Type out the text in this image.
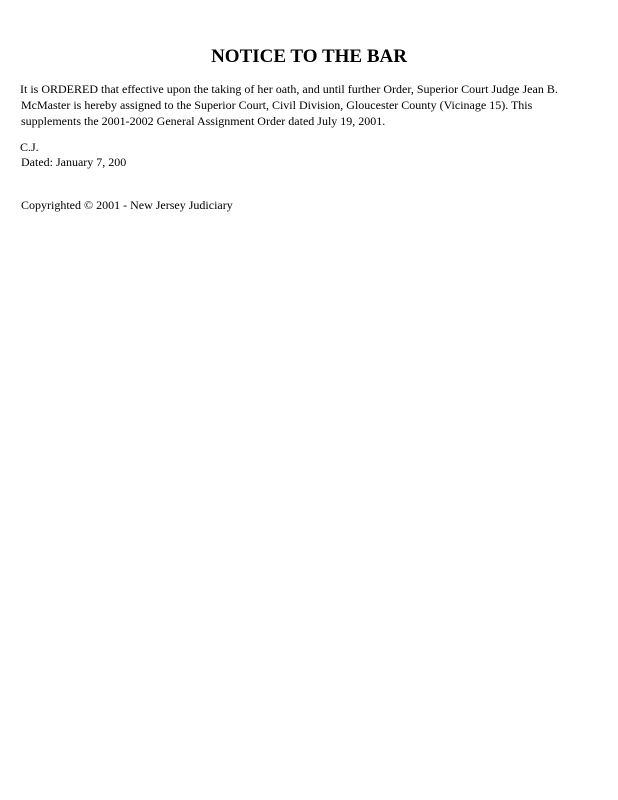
NOTICE TO THE BAR

It is ORDERED that effective upon the taking of her oath, and until further Order, Superior Court Judge Jean B.
McMaster is hereby assigned to the Superior Court, Civil Division, Gloucester County (Vicinage 15). This
supplements the 2001-2002 General Assignment Order dated July 19, 2001.

C.J.
Dated: January 7, 200

Copyrighted © 2001 - New Jersey Judiciary
